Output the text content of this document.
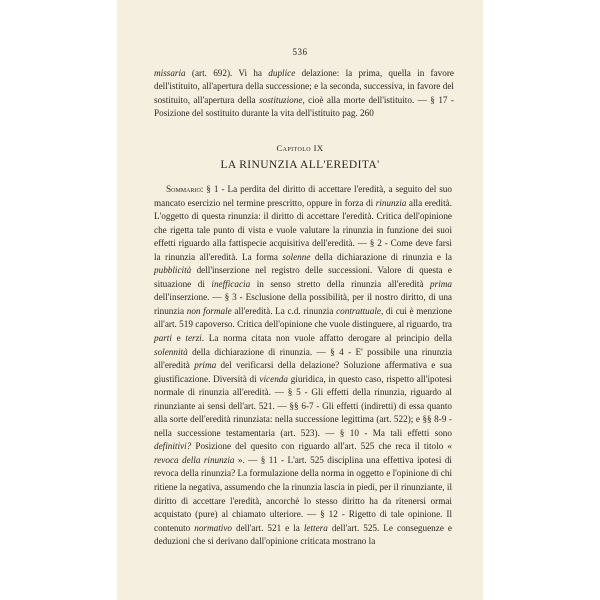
536

missaria (art. 692). Vi ha duplice delazione: la prima, quella in favore dell'istituito, all'apertura della successione; e la seconda, successiva, in favore del sostituito, all'apertura della sostituzione, cioè alla morte dell'istituito. — § 17 - Posizione del sostituito durante la vita dell'istituito pag. 260

Capitolo IX
LA RINUNZIA ALL'EREDITA'

Sommario: § 1 - La perdita del diritto di accettare l'eredità, a seguito del suo mancato esercizio nel termine prescritto, oppure in forza di rinunzia alla eredità. L'oggetto di questa rinunzia: il diritto di accettare l'eredità. Critica dell'opinione che rigetta tale punto di vista e vuole valutare la rinunzia in funzione dei suoi effetti riguardo alla fattispecie acquisitiva dell'eredità. — § 2 - Come deve farsi la rinunzia all'eredità. La forma solenne della dichiarazione di rinunzia e la pubblicità dell'inserzione nel registro delle successioni. Valore di questa e situazione di inefficacia in senso stretto della rinunzia all'eredità prima dell'inserzione. — § 3 - Esclusione della possibilità, per il nostro diritto, di una rinunzia non formale all'eredità. La c.d. rinunzia contrattuale, di cui è menzione all'art. 519 capoverso. Critica dell'opinione che vuole distinguere, al riguardo, tra parti e terzi. La norma citata non vuole affatto derogare al principio della solennità della dichiarazione di rinunzia. — § 4 - E' possibile una rinunzia all'eredità prima del verificarsi della delazione? Soluzione affermativa e sua giustificazione. Diversità di vicenda giuridica, in questo caso, rispetto all'ipotesi normale di rinunzia all'eredità. — § 5 - Gli effetti della rinunzia, riguardo al rinunziante ai sensi dell'art. 521. — §§ 6-7 - Gli effetti (indiretti) di essa quanto alla sorte dell'eredità rinunziata: nella successione legittima (art. 522); e §§ 8-9 - nella successione testamentaria (art. 523). — § 10 - Ma tali effetti sono definitivi? Posizione del quesito con riguardo all'art. 525 che reca il titolo « revoca della rinunzia ». — § 11 - L'art. 525 disciplina una effettiva ipotesi di revoca della rinunzia? La formulazione della norma in oggetto e l'opinione di chi ritiene la negativa, assumendo che la rinunzia lascia in piedi, per il rinunziante, il diritto di accettare l'eredità, ancorchè lo stesso diritto ha da ritenersi ormai acquistato (pure) al chiamato ulteriore. — § 12 - Rigetto di tale opinione. Il contenuto normativo dell'art. 521 e la lettera dell'art. 525. Le conseguenze e deduzioni che si derivano dall'opinione criticata mostrano la
